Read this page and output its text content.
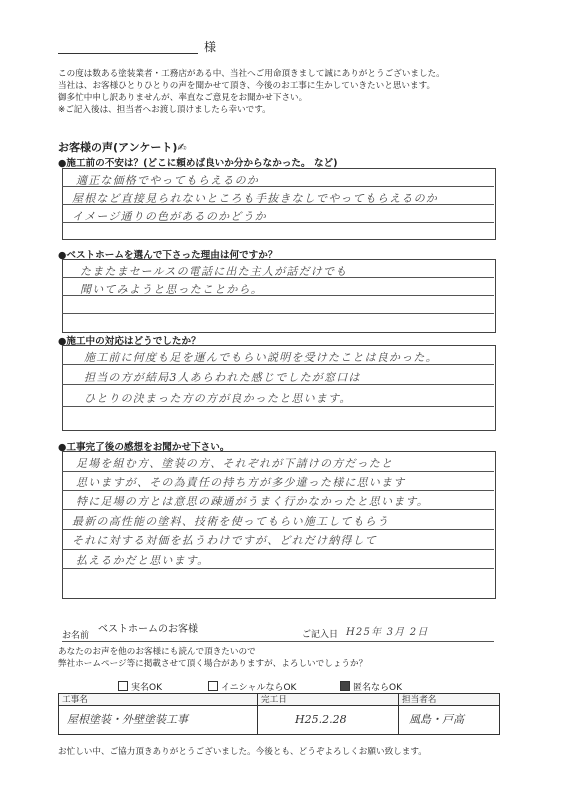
様
この度は数ある塗装業者・工務店がある中、当社へご用命頂きまして誠にありがとうございました。
当社は、お客様ひとりひとりの声を聞かせて頂き、今後のお工事に生かしていきたいと思います。
御多忙中申し訳ありませんが、率直なご意見をお聞かせ下さい。
※ご記入後は、担当者へお渡し頂けましたら幸いです。
お客様の声(アンケート)✍
●施工前の不安は？(どこに頼めば良いか分からなかった。 など)
適正な価格でやってもらえるのか
屋根など直接見られないところも手抜きなしでやってもらえるのか
イメージ通りの色があるのかどうか
●ベストホームを選んで下さった理由は何ですか？
たまたまセールスの電話に出た主人が話だけでも
聞いてみようと思ったことから。
●施工中の対応はどうでしたか？
施工前に何度も足を運んでもらい説明を受けたことは良かった。
担当の方が結局3人あらわれた感じでしたが窓口は
ひとりの決まった方の方が良かったと思います。
●工事完了後の感想をお聞かせ下さい。
足場を組む方、塗装の方、それぞれが下請けの方だったと
思いますが、その為責任の持ち方が多少違った様に思います
特に足場の方とは意思の疎通がうまく行かなかったと思います。
最新の高性能の塗料、技術を使ってもらい施工してもらう
それに対する対価を払うわけですが、どれだけ納得して
払えるかだと思います。
お名前
ベストホームのお客様	ご記入日 H25年 3月 2日
あなたのお声を他のお客様にも読んで頂きたいので
弊社ホームページ等に掲載させて頂く場合がありますが、よろしいでしょうか？
実名OK	イニシャルならOK	匿名ならOK
工事名	完工日	担当者名
屋根塗装・外壁塗装工事	H25.2.28	風島・戸高
お忙しい中、ご協力頂きありがとうございました。今後とも、どうぞよろしくお願い致します。
